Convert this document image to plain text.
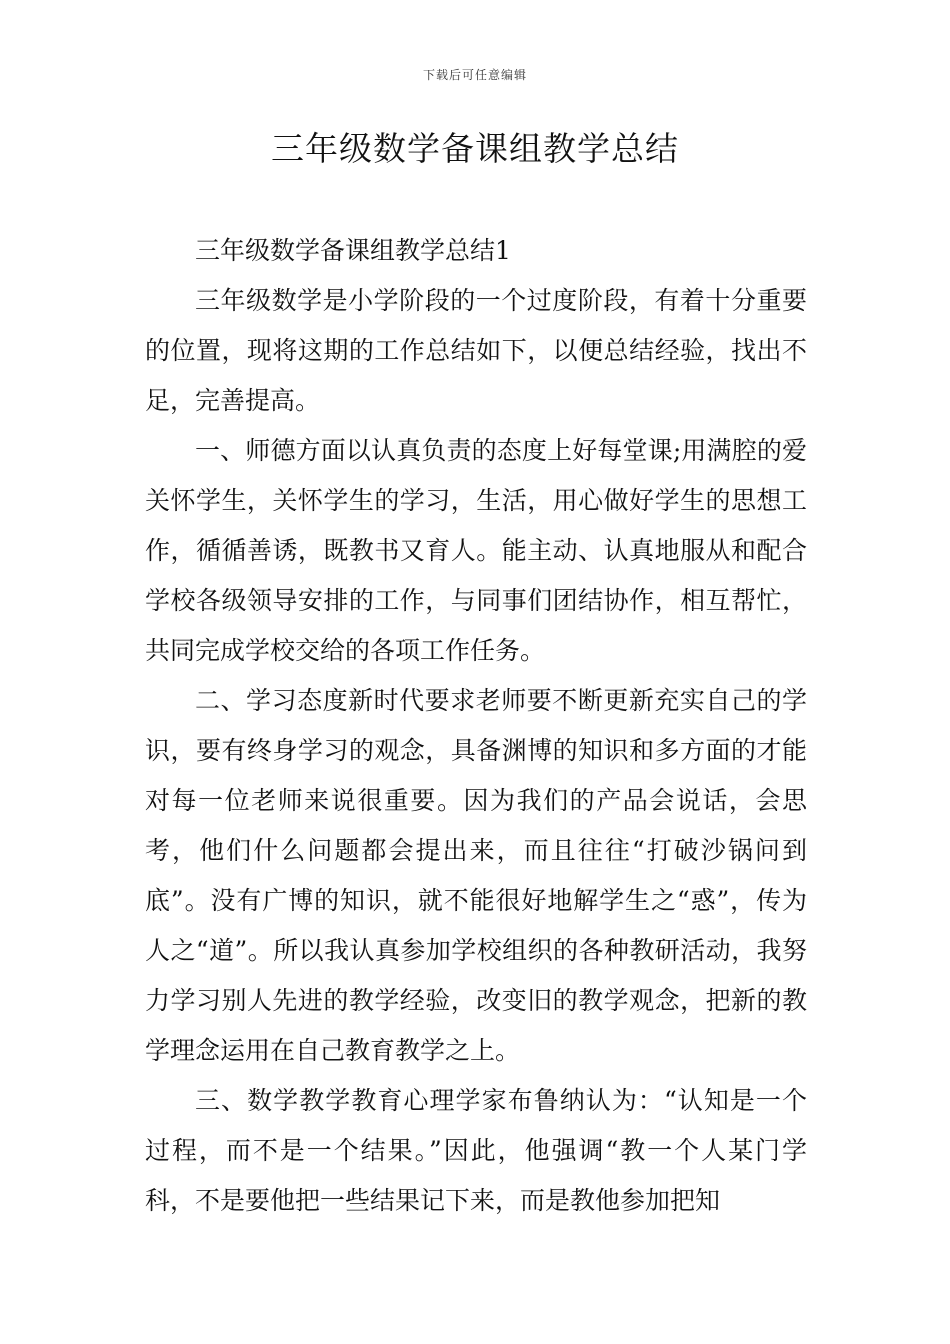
下载后可任意编辑
三年级数学备课组教学总结

三年级数学备课组教学总结1

三年级数学是小学阶段的一个过度阶段，有着十分重要的位置，现将这期的工作总结如下，以便总结经验，找出不足，完善提高。

一、师德方面以认真负责的态度上好每堂课;用满腔的爱关怀学生，关怀学生的学习，生活，用心做好学生的思想工作，循循善诱，既教书又育人。能主动、认真地服从和配合学校各级领导安排的工作，与同事们团结协作，相互帮忙，共同完成学校交给的各项工作任务。

二、学习态度新时代要求老师要不断更新充实自己的学识，要有终身学习的观念，具备渊博的知识和多方面的才能对每一位老师来说很重要。因为我们的产品会说话，会思考，他们什么问题都会提出来，而且往往“打破沙锅问到底”。没有广博的知识，就不能很好地解学生之“惑”，传为人之“道”。所以我认真参加学校组织的各种教研活动，我努力学习别人先进的教学经验，改变旧的教学观念，把新的教学理念运用在自己教育教学之上。

三、数学教学教育心理学家布鲁纳认为：“认知是一个过程，而不是一个结果。”因此，他强调“教一个人某门学科，不是要他把一些结果记下来，而是教他参加把知
